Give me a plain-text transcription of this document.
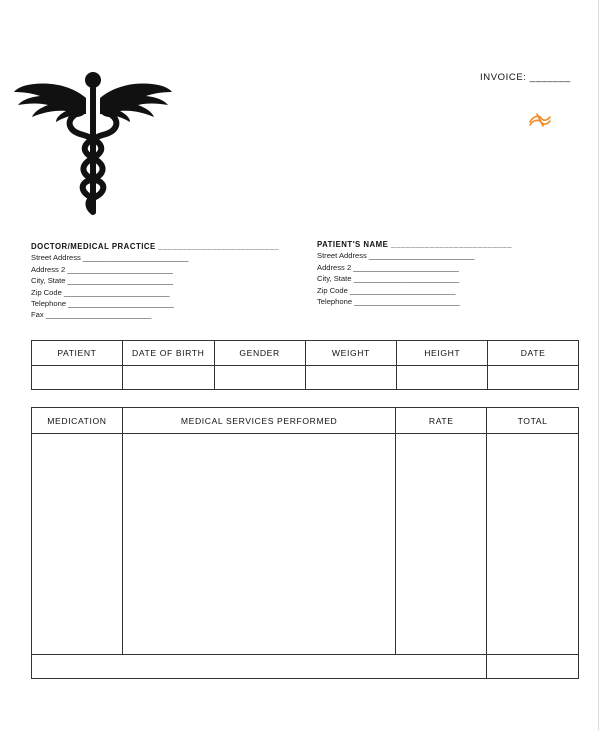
INVOICE: _______
DOCTOR/MEDICAL PRACTICE _________________________
Street Address _________________________
Address 2 _________________________
City, State _________________________
Zip Code _________________________
Telephone _________________________
Fax _________________________
PATIENT'S NAME _________________________
Street Address _________________________
Address 2 _________________________
City, State _________________________
Zip Code _________________________
Telephone _________________________
PATIENT	DATE OF BIRTH	GENDER	WEIGHT	HEIGHT	DATE

MEDICATION	MEDICAL SERVICES PERFORMED	RATE	TOTAL
